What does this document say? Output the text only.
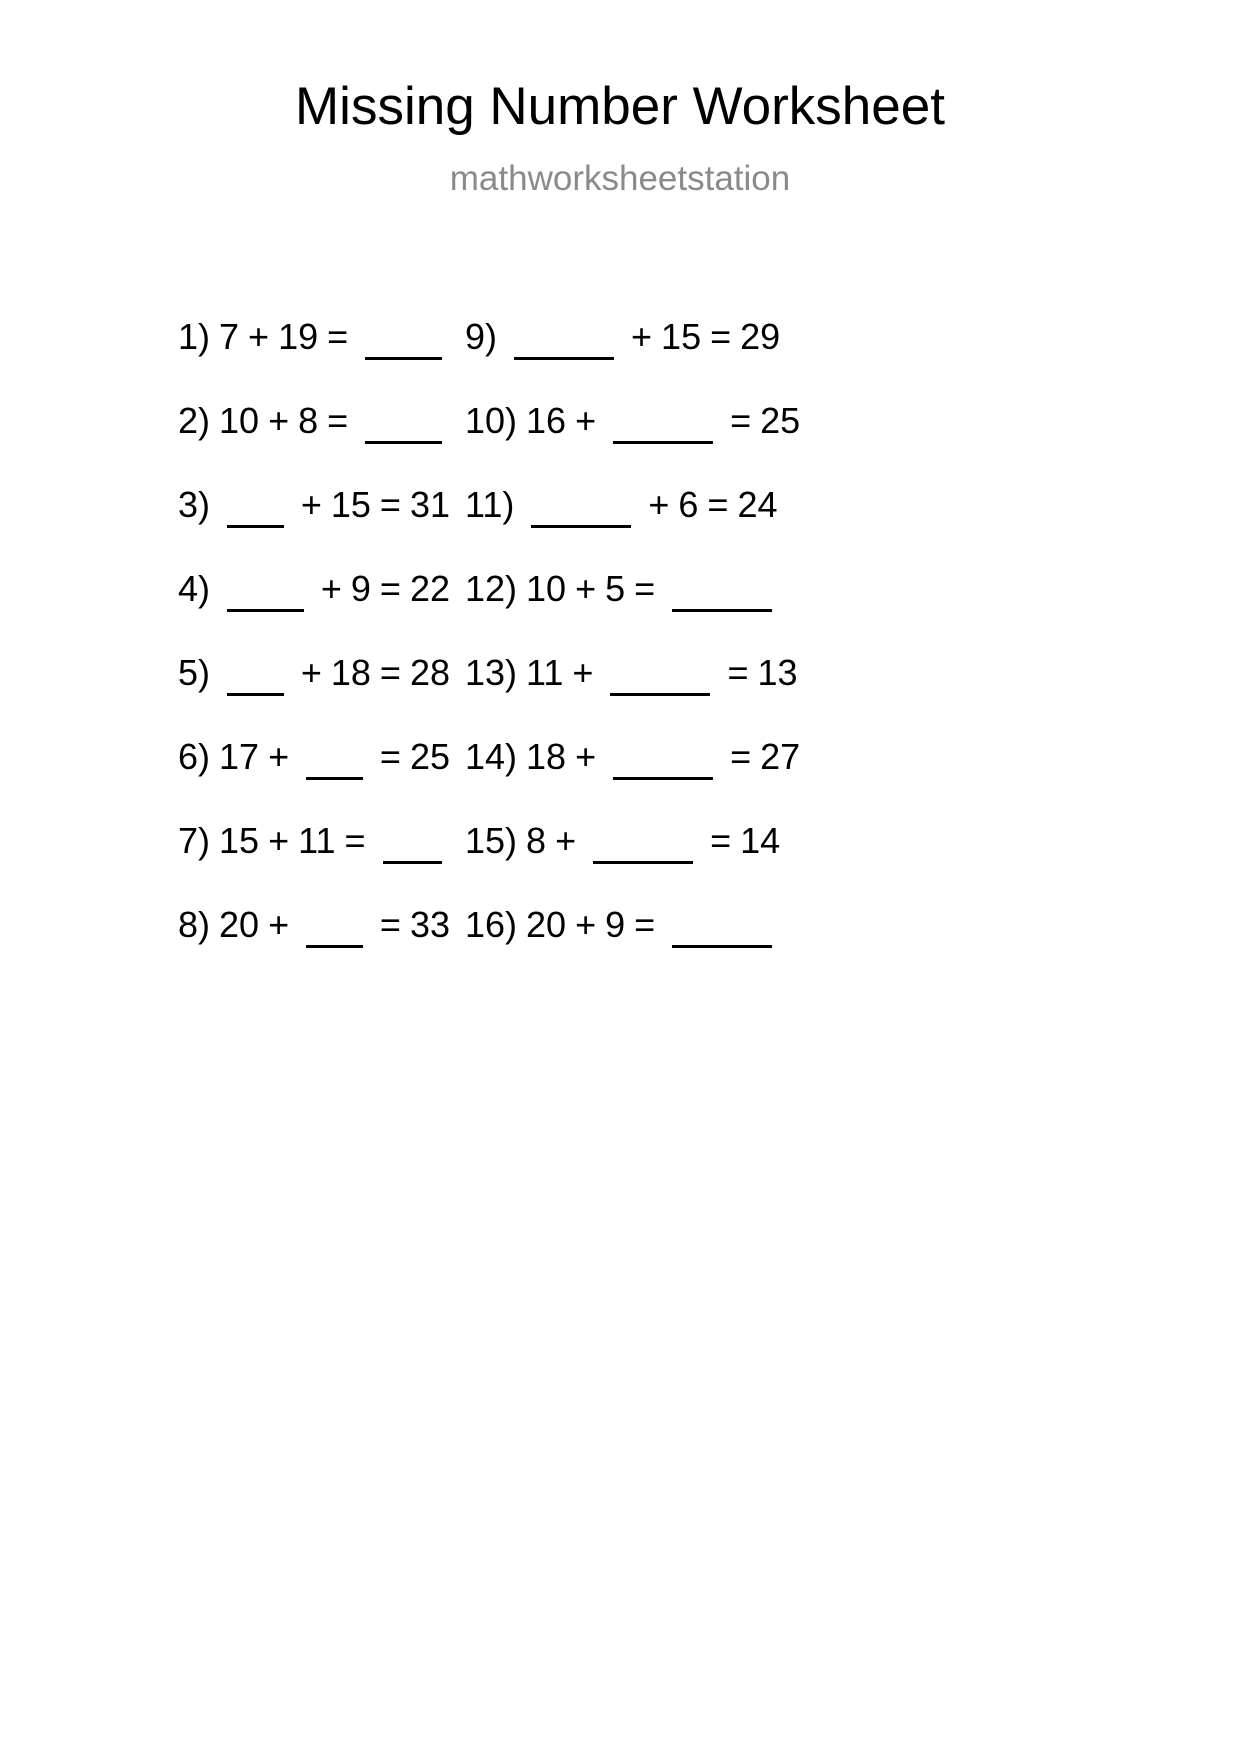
Missing Number Worksheet
mathworksheetstation
1) 7 + 19 =
2) 10 + 8 =
3)	+ 15 = 31
4)	+ 9 = 22
5)	+ 18 = 28
6) 17 +	= 25
7) 15 + 11 =
8) 20 +	= 33
9)	+ 15 = 29
10) 16 +	= 25
11)	+ 6 = 24
12) 10 + 5 =
13) 11 +	= 13
14) 18 +	= 27
15) 8 +	= 14
16) 20 + 9 =
